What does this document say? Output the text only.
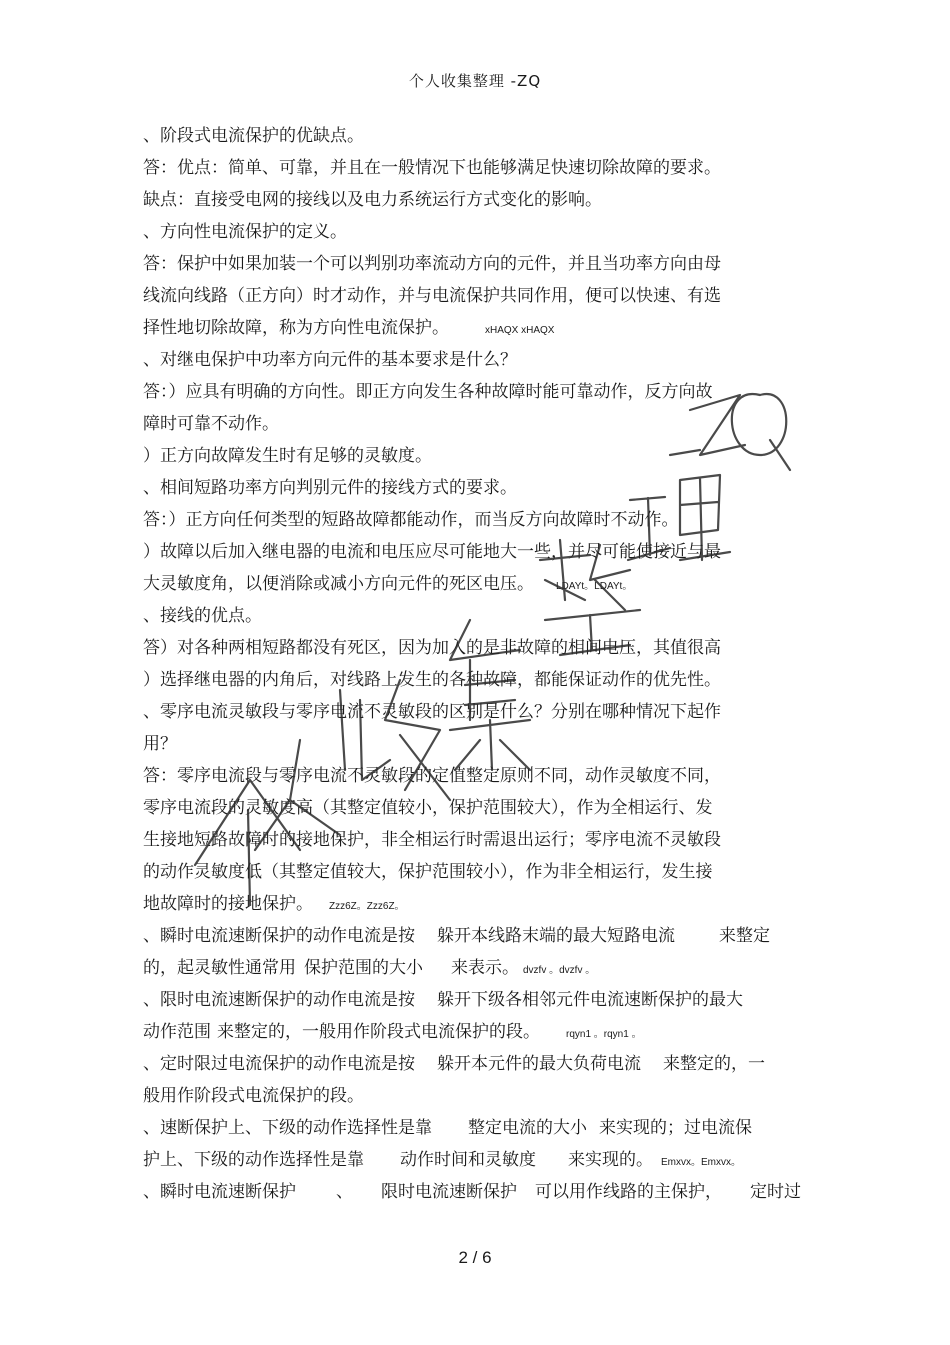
个人收集整理 -ZQ
、阶段式电流保护的优缺点。
答：优点：简单、可靠，并且在一般情况下也能够满足快速切除故障的要求。
缺点：直接受电网的接线以及电力系统运行方式变化的影响。
、方向性电流保护的定义。
答：保护中如果加装一个可以判别功率流动方向的元件，并且当功率方向由母
线流向线路（正方向）时才动作，并与电流保护共同作用，便可以快速、有选
择性地切除故障，称为方向性电流保护。	xHAQX xHAQX
、对继电保护中功率方向元件的基本要求是什么？
答：）应具有明确的方向性。即正方向发生各种故障时能可靠动作，反方向故
障时可靠不动作。
）正方向故障发生时有足够的灵敏度。
、相间短路功率方向判别元件的接线方式的要求。
答：）正方向任何类型的短路故障都能动作，而当反方向故障时不动作。
）故障以后加入继电器的电流和电压应尽可能地大一些，并尽可能使接近与最
大灵敏度角，以便消除或减小方向元件的死区电压。 LDAYt。LDAYt。
、接线的优点。
答）对各种两相短路都没有死区，因为加入的是非故障的相间电压，其值很高
）选择继电器的内角后，对线路上发生的各种故障，都能保证动作的优先性。
、零序电流灵敏段与零序电流不灵敏段的区别是什么？分别在哪种情况下起作
用？
答：零序电流段与零序电流不灵敏段的定值整定原则不同，动作灵敏度不同，
零序电流段的灵敏度高（其整定值较小，保护范围较大），作为全相运行、发
生接地短路故障时的接地保护，非全相运行时需退出运行；零序电流不灵敏段
的动作灵敏度低（其整定值较大，保护范围较小），作为非全相运行，发生接
地故障时的接地保护。 Zzz6Z。Zzz6Z。
、瞬时电流速断保护的动作电流是按 躲开本线路末端的最大短路电流	来整定
的，起灵敏性通常用 保护范围的大小 来表示。 dvzfv 。dvzfv 。
、限时电流速断保护的动作电流是按 躲开下级各相邻元件电流速断保护的最大
动作范围 来整定的，一般用作阶段式电流保护的段。	rqyn1 。rqyn1 。
、定时限过电流保护的动作电流是按 躲开本元件的最大负荷电流 来整定的，一
般用作阶段式电流保护的段。
、速断保护上、下级的动作选择性是靠 整定电流的大小 来实现的；过电流保
护上、下级的动作选择性是靠 动作时间和灵敏度 来实现的。 Emxvx。Emxvx。
、瞬时电流速断保护 、 限时电流速断保护 可以用作线路的主保护， 定时过
2 / 6
